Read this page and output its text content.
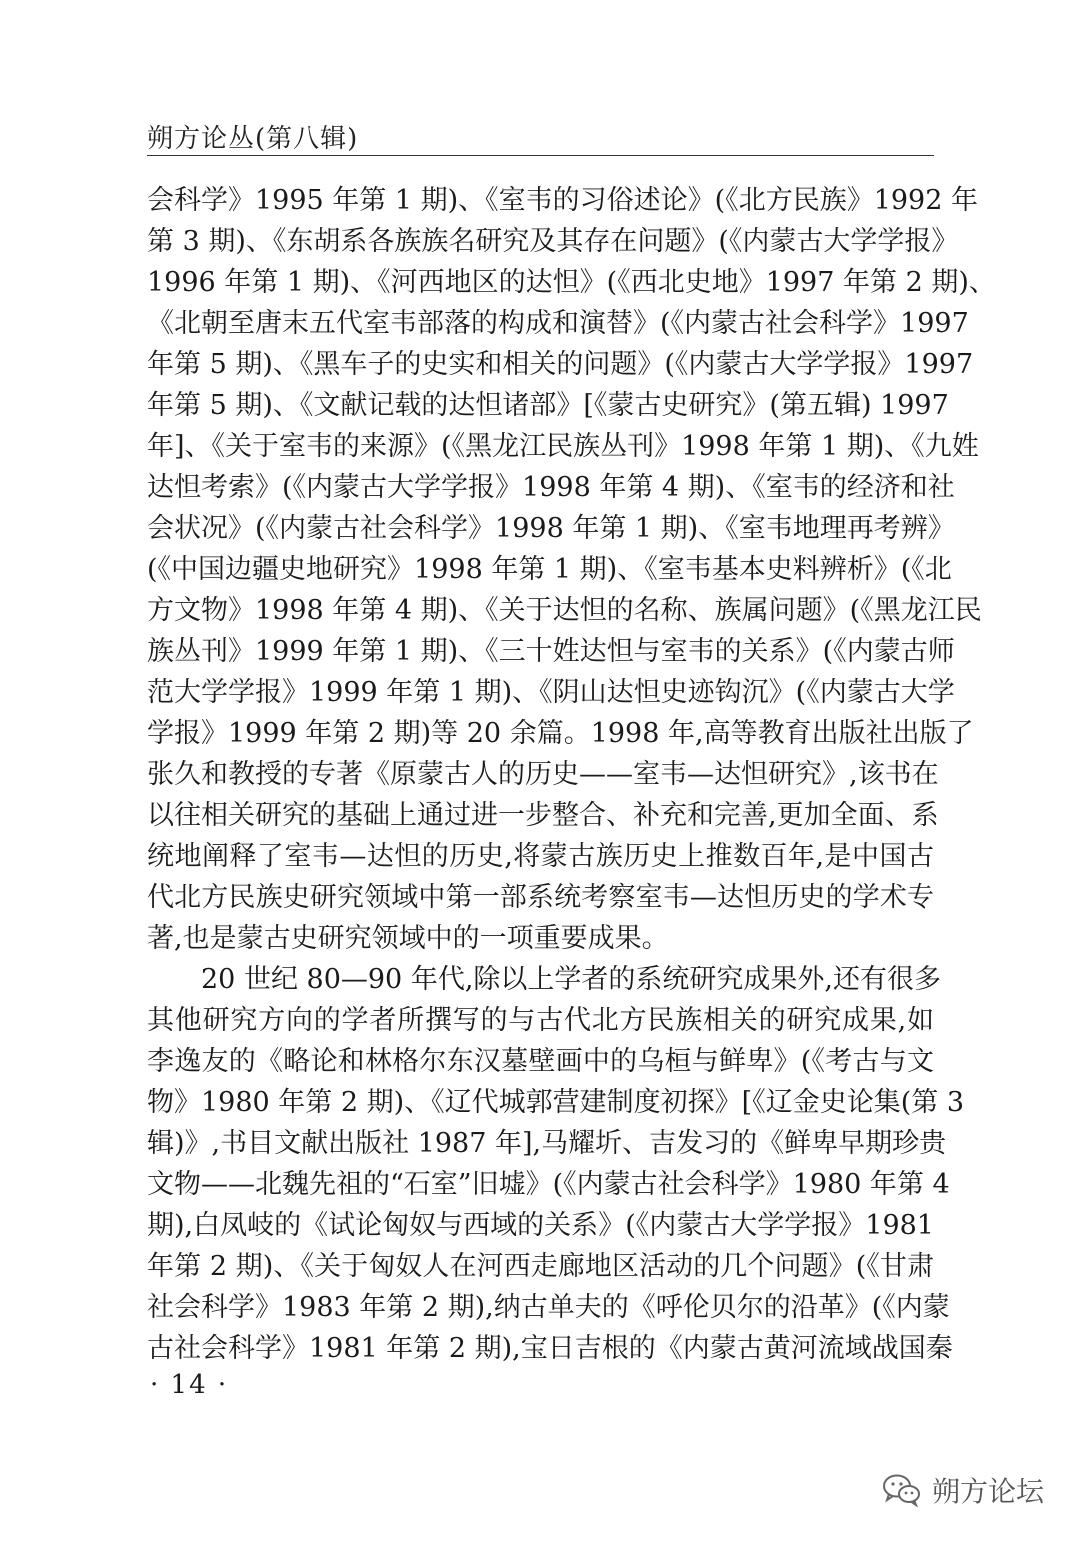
朔方论丛(第八辑)
会科学》1995 年第 1 期)、《室韦的习俗述论》(《北方民族》1992 年
第 3 期)、《东胡系各族族名研究及其存在问题》(《内蒙古大学学报》
1996 年第 1 期)、《河西地区的达怛》(《西北史地》1997 年第 2 期)、
《北朝至唐末五代室韦部落的构成和演替》(《内蒙古社会科学》1997
年第 5 期)、《黑车子的史实和相关的问题》(《内蒙古大学学报》1997
年第 5 期)、《文献记载的达怛诸部》[《蒙古史研究》(第五辑) 1997
年]、《关于室韦的来源》(《黑龙江民族丛刊》1998 年第 1 期)、《九姓
达怛考索》(《内蒙古大学学报》1998 年第 4 期)、《室韦的经济和社
会状况》(《内蒙古社会科学》1998 年第 1 期)、《室韦地理再考辨》
(《中国边疆史地研究》1998 年第 1 期)、《室韦基本史料辨析》(《北
方文物》1998 年第 4 期)、《关于达怛的名称、族属问题》(《黑龙江民
族丛刊》1999 年第 1 期)、《三十姓达怛与室韦的关系》(《内蒙古师
范大学学报》1999 年第 1 期)、《阴山达怛史迹钩沉》(《内蒙古大学
学报》1999 年第 2 期)等 20 余篇。1998 年,高等教育出版社出版了
张久和教授的专著《原蒙古人的历史——室韦—达怛研究》,该书在
以往相关研究的基础上通过进一步整合、补充和完善,更加全面、系
统地阐释了室韦—达怛的历史,将蒙古族历史上推数百年,是中国古
代北方民族史研究领域中第一部系统考察室韦—达怛历史的学术专
著,也是蒙古史研究领域中的一项重要成果。
20 世纪 80—90 年代,除以上学者的系统研究成果外,还有很多
其他研究方向的学者所撰写的与古代北方民族相关的研究成果,如
李逸友的《略论和林格尔东汉墓壁画中的乌桓与鲜卑》(《考古与文
物》1980 年第 2 期)、《辽代城郭营建制度初探》[《辽金史论集(第 3
辑)》,书目文献出版社 1987 年],马耀圻、吉发习的《鲜卑早期珍贵
文物——北魏先祖的“石室”旧墟》(《内蒙古社会科学》1980 年第 4
期),白凤岐的《试论匈奴与西域的关系》(《内蒙古大学学报》1981
年第 2 期)、《关于匈奴人在河西走廊地区活动的几个问题》(《甘肃
社会科学》1983 年第 2 期),纳古单夫的《呼伦贝尔的沿革》(《内蒙
古社会科学》1981 年第 2 期),宝日吉根的《内蒙古黄河流域战国秦
· 14 ·
朔方论坛
